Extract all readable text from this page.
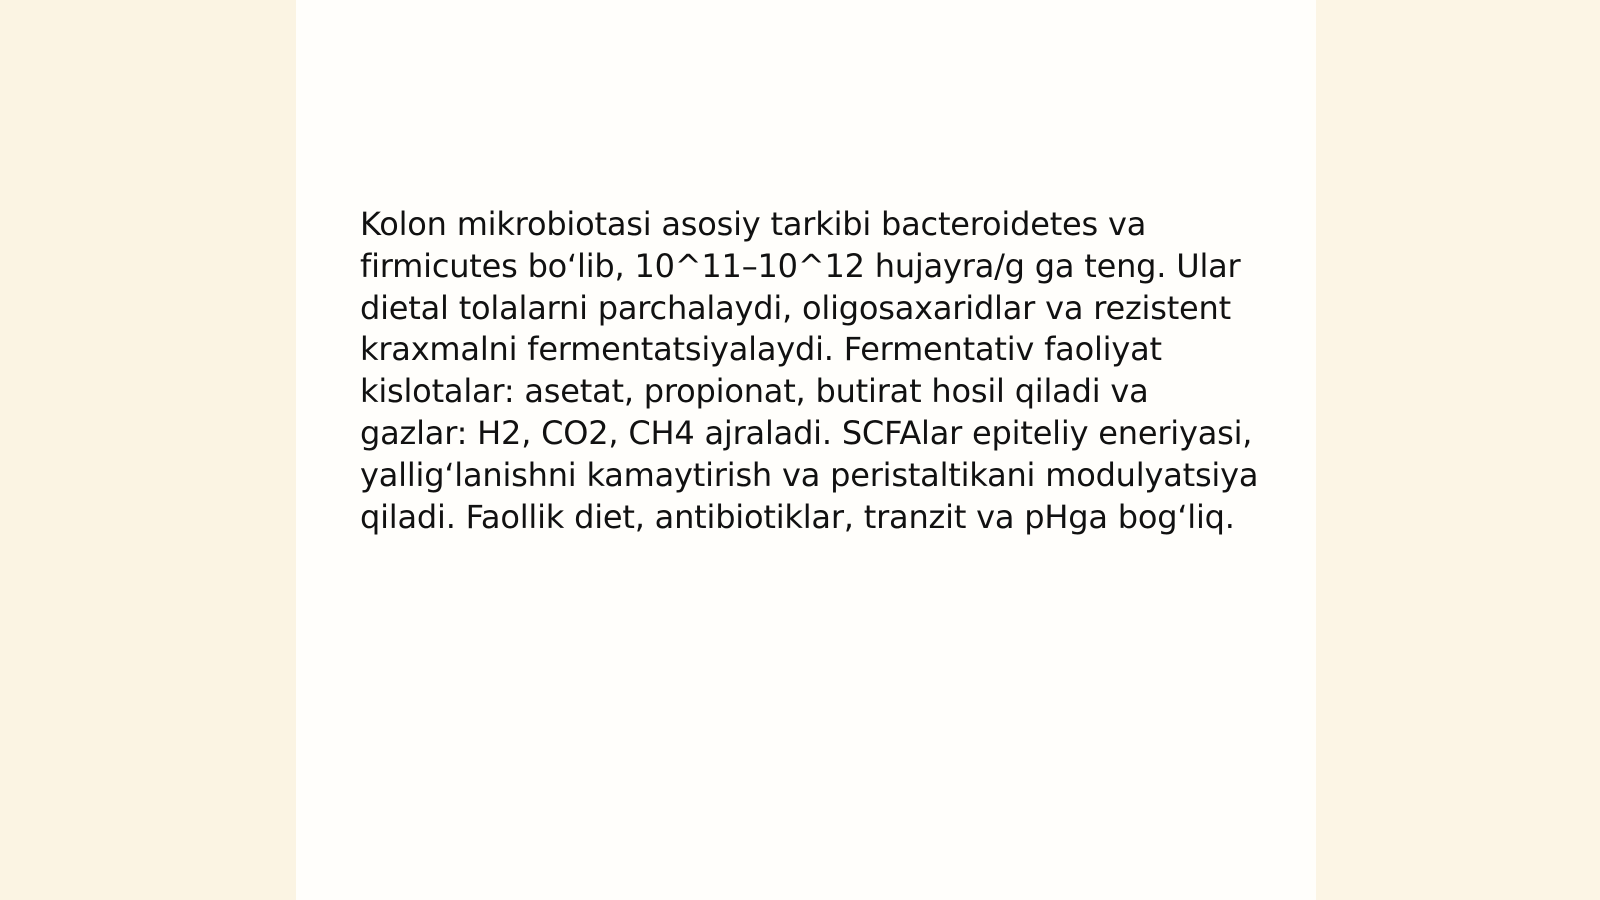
Kolon mikrobiotasi asosiy tarkibi bacteroidetes va firmicutes bo‘lib, 10^11–10^12 hujayra/g ga teng. Ular dietal tolalarni parchalaydi, oligosaxaridlar va rezistent kraxmalni fermentatsiyalaydi. Fermentativ faoliyat kislotalar: asetat, propionat, butirat hosil qiladi va gazlar: H2, CO2, CH4 ajraladi. SCFAlar epiteliy eneriyasi, yallig‘lanishni kamaytirish va peristaltikani modulyatsiya qiladi. Faollik diet, antibiotiklar, tranzit va pHga bog‘liq.
